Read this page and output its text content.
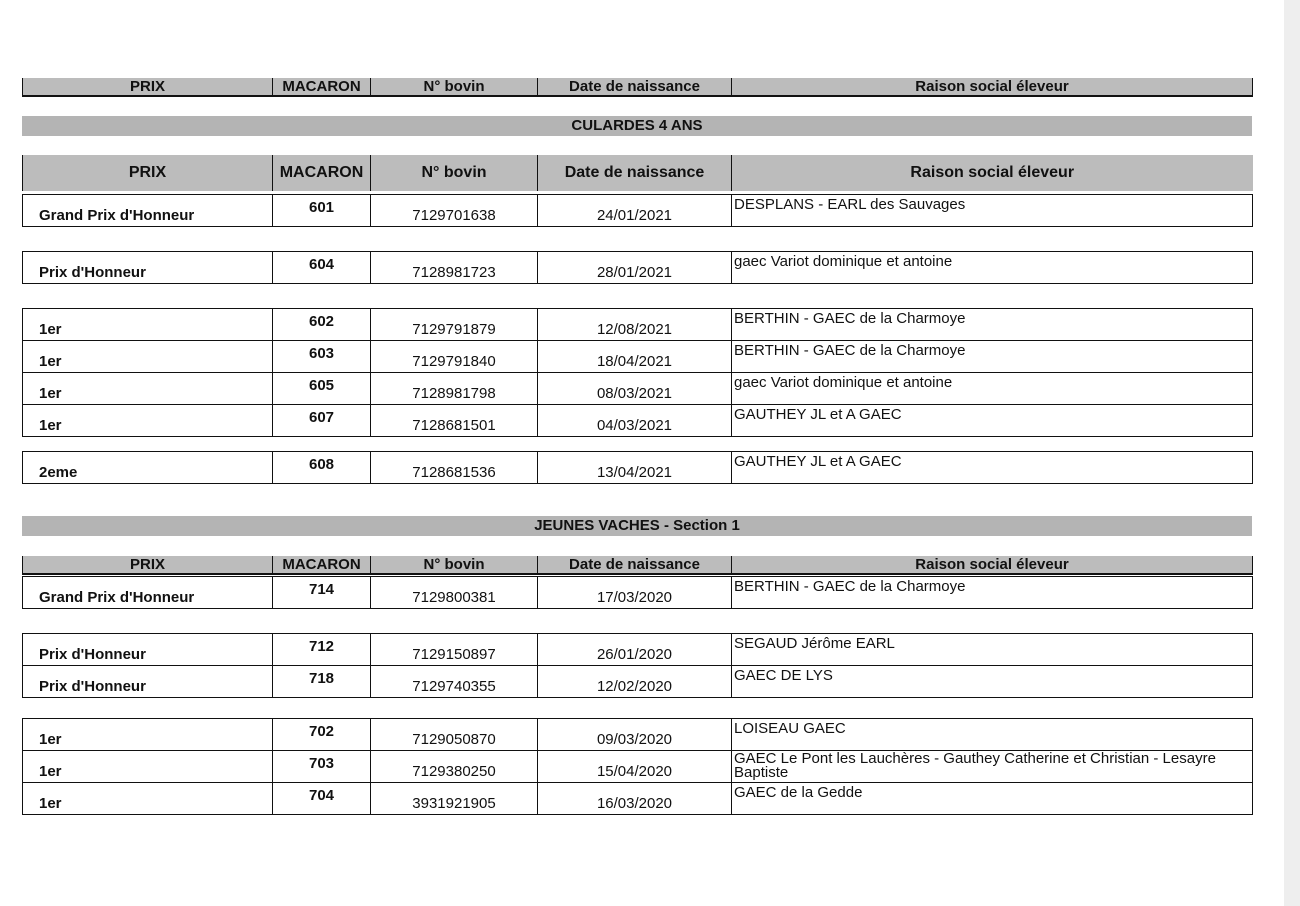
PRIX	MACARON	N° bovin	Date de naissance	Raison social éleveur
CULARDES 4 ANS
PRIX	MACARON	N° bovin	Date de naissance	Raison social éleveur
Grand Prix d'Honneur	601	7129701638	24/01/2021	DESPLANS - EARL des Sauvages
Prix d'Honneur	604	7128981723	28/01/2021	gaec Variot dominique et antoine
1er	602	7129791879	12/08/2021	BERTHIN - GAEC de la Charmoye
1er	603	7129791840	18/04/2021	BERTHIN - GAEC de la Charmoye
1er	605	7128981798	08/03/2021	gaec Variot dominique et antoine
1er	607	7128681501	04/03/2021	GAUTHEY JL et A GAEC
2eme	608	7128681536	13/04/2021	GAUTHEY JL et A GAEC
JEUNES VACHES - Section 1
PRIX	MACARON	N° bovin	Date de naissance	Raison social éleveur
Grand Prix d'Honneur	714	7129800381	17/03/2020	BERTHIN - GAEC de la Charmoye
Prix d'Honneur	712	7129150897	26/01/2020	SEGAUD Jérôme EARL
Prix d'Honneur	718	7129740355	12/02/2020	GAEC DE LYS
1er	702	7129050870	09/03/2020	LOISEAU GAEC
1er	703	7129380250	15/04/2020	GAEC Le Pont les Lauchères - Gauthey Catherine et Christian - Lesayre Baptiste
1er	704	3931921905	16/03/2020	GAEC de la Gedde
